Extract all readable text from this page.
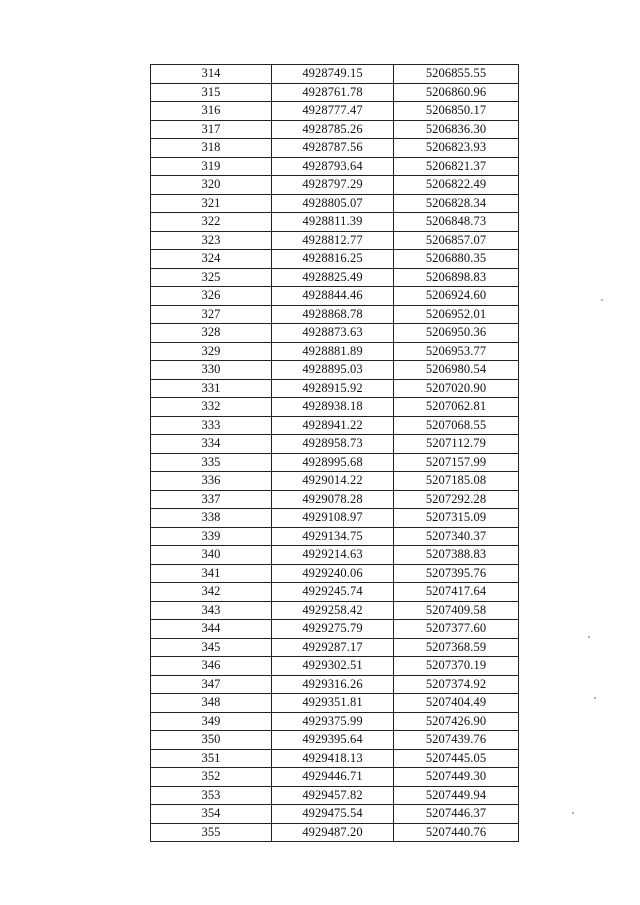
314	4928749.15	5206855.55
315	4928761.78	5206860.96
316	4928777.47	5206850.17
317	4928785.26	5206836.30
318	4928787.56	5206823.93
319	4928793.64	5206821.37
320	4928797.29	5206822.49
321	4928805.07	5206828.34
322	4928811.39	5206848.73
323	4928812.77	5206857.07
324	4928816.25	5206880.35
325	4928825.49	5206898.83
326	4928844.46	5206924.60
327	4928868.78	5206952.01
328	4928873.63	5206950.36
329	4928881.89	5206953.77
330	4928895.03	5206980.54
331	4928915.92	5207020.90
332	4928938.18	5207062.81
333	4928941.22	5207068.55
334	4928958.73	5207112.79
335	4928995.68	5207157.99
336	4929014.22	5207185.08
337	4929078.28	5207292.28
338	4929108.97	5207315.09
339	4929134.75	5207340.37
340	4929214.63	5207388.83
341	4929240.06	5207395.76
342	4929245.74	5207417.64
343	4929258.42	5207409.58
344	4929275.79	5207377.60
345	4929287.17	5207368.59
346	4929302.51	5207370.19
347	4929316.26	5207374.92
348	4929351.81	5207404.49
349	4929375.99	5207426.90
350	4929395.64	5207439.76
351	4929418.13	5207445.05
352	4929446.71	5207449.30
353	4929457.82	5207449.94
354	4929475.54	5207446.37
355	4929487.20	5207440.76
